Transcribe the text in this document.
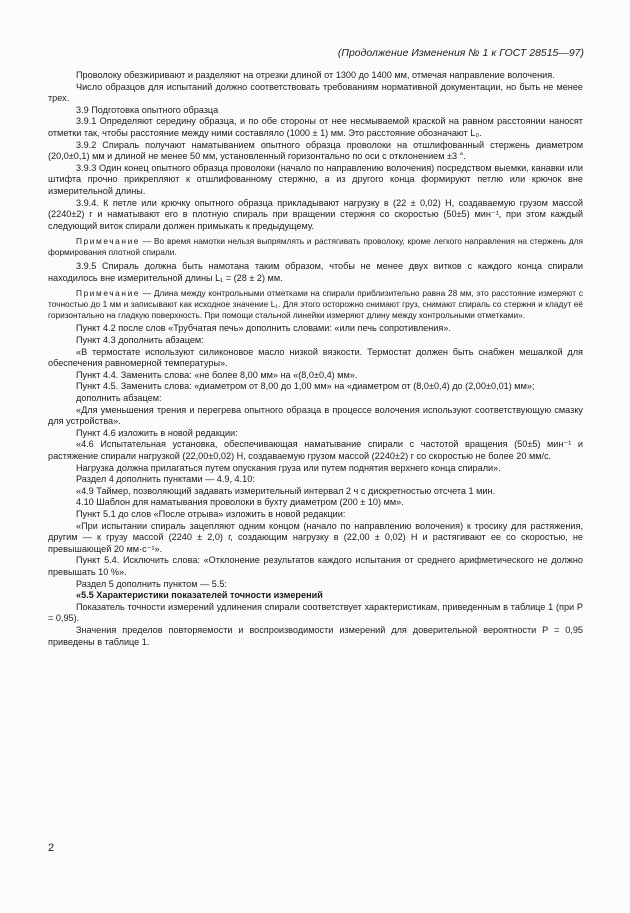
(Продолжение Изменения № 1 к ГОСТ 28515—97)

Проволоку обезжиривают и разделяют на отрезки длиной от 1300 до 1400 мм, отмечая направление волочения.

Число образцов для испытаний должно соответствовать требованиям нормативной документации, но быть не менее трех.

3.9 Подготовка опытного образца

3.9.1 Определяют середину образца, и по обе стороны от нее несмываемой краской на равном расстоянии наносят отметки так, чтобы расстояние между ними составляло (1000 ± 1) мм. Это расстояние обозначают L₀.

3.9.2 Спираль получают наматыванием опытного образца проволоки на отшлифованный стержень диаметром (20,0±0,1) мм и длиной не менее 50 мм, установленный горизонтально по оси с отклонением ±3 °.

3.9.3 Один конец опытного образца проволоки (начало по направлению волочения) посредством выемки, канавки или штифта прочно прикрепляют к отшлифованному стержню, а из другого конца формируют петлю или крючок вне измерительной длины.

3.9.4. К петле или крючку опытного образца прикладывают нагрузку в (22 ± 0,02) Н, создаваемую грузом массой (2240±2) г и наматывают его в плотную спираль при вращении стержня со скоростью (50±5) мин⁻¹, при этом каждый следующий виток спирали должен примыкать к предыдущему.

Примечание — Во время намотки нельзя выпрямлять и растягивать проволоку, кроме легкого направления на стержень для формирования плотной спирали.

3.9.5 Спираль должна быть намотана таким образом, чтобы не менее двух витков с каждого конца спирали находилось вне измерительной длины L₁ = (28 ± 2) мм.

Примечание — Длина между контрольными отметками на спирали приблизительно равна 28 мм, это расстояние измеряют с точностью до 1 мм и записывают как исходное значение L₁. Для этого осторожно снимают груз, снимают спираль со стержня и кладут её горизонтально на гладкую поверхность. При помощи стальной линейки измеряют длину между контрольными отметками».

Пункт 4.2 после слов «Трубчатая печь» дополнить словами: «или печь сопротивления».

Пункт 4.3 дополнить абзацем:

«В термостате используют силиконовое масло низкой вязкости. Термостат должен быть снабжен мешалкой для обеспечения равномерной температуры».

Пункт 4.4. Заменить слова: «не более 8,00 мм» на «(8,0±0,4) мм».

Пункт 4.5. Заменить слова: «диаметром от 8,00 до 1,00 мм» на «диаметром от (8,0±0,4) до (2,00±0,01) мм»;

дополнить абзацем:

«Для уменьшения трения и перегрева опытного образца в процессе волочения используют соответствующую смазку для устройства».

Пункт 4.6 изложить в новой редакции:

«4.6 Испытательная установка, обеспечивающая наматывание спирали с частотой вращения (50±5) мин⁻¹ и растяжение спирали нагрузкой (22,00±0,02) Н, создаваемую грузом массой (2240±2) г со скоростью не более 20 мм/с.

Нагрузка должна прилагаться путем опускания груза или путем поднятия верхнего конца спирали».

Раздел 4 дополнить пунктами — 4.9, 4.10:

«4.9 Таймер, позволяющий задавать измерительный интервал 2 ч с дискретностью отсчета 1 мин.

4.10 Шаблон для наматывания проволоки в бухту диаметром (200 ± 10) мм».

Пункт 5.1 до слов «После отрыва» изложить в новой редакции:

«При испытании спираль зацепляют одним концом (начало по направлению волочения) к тросику для растяжения, другим — к грузу массой (2240 ± 2,0) г, создающим нагрузку в (22,00 ± 0,02) Н и растягивают ее со скоростью, не превышающей 20 мм·с⁻¹».

Пункт 5.4. Исключить слова: «Отклонение результатов каждого испытания от среднего арифметического не должно превышать 10 %».

Раздел 5 дополнить пунктом — 5.5:

«5.5 Характеристики показателей точности измерений

Показатель точности измерений удлинения спирали соответствует характеристикам, приведенным в таблице 1 (при P = 0,95).

Значения пределов повторяемости и воспроизводимости измерений для доверительной вероятности P = 0,95 приведены в таблице 1.

2
